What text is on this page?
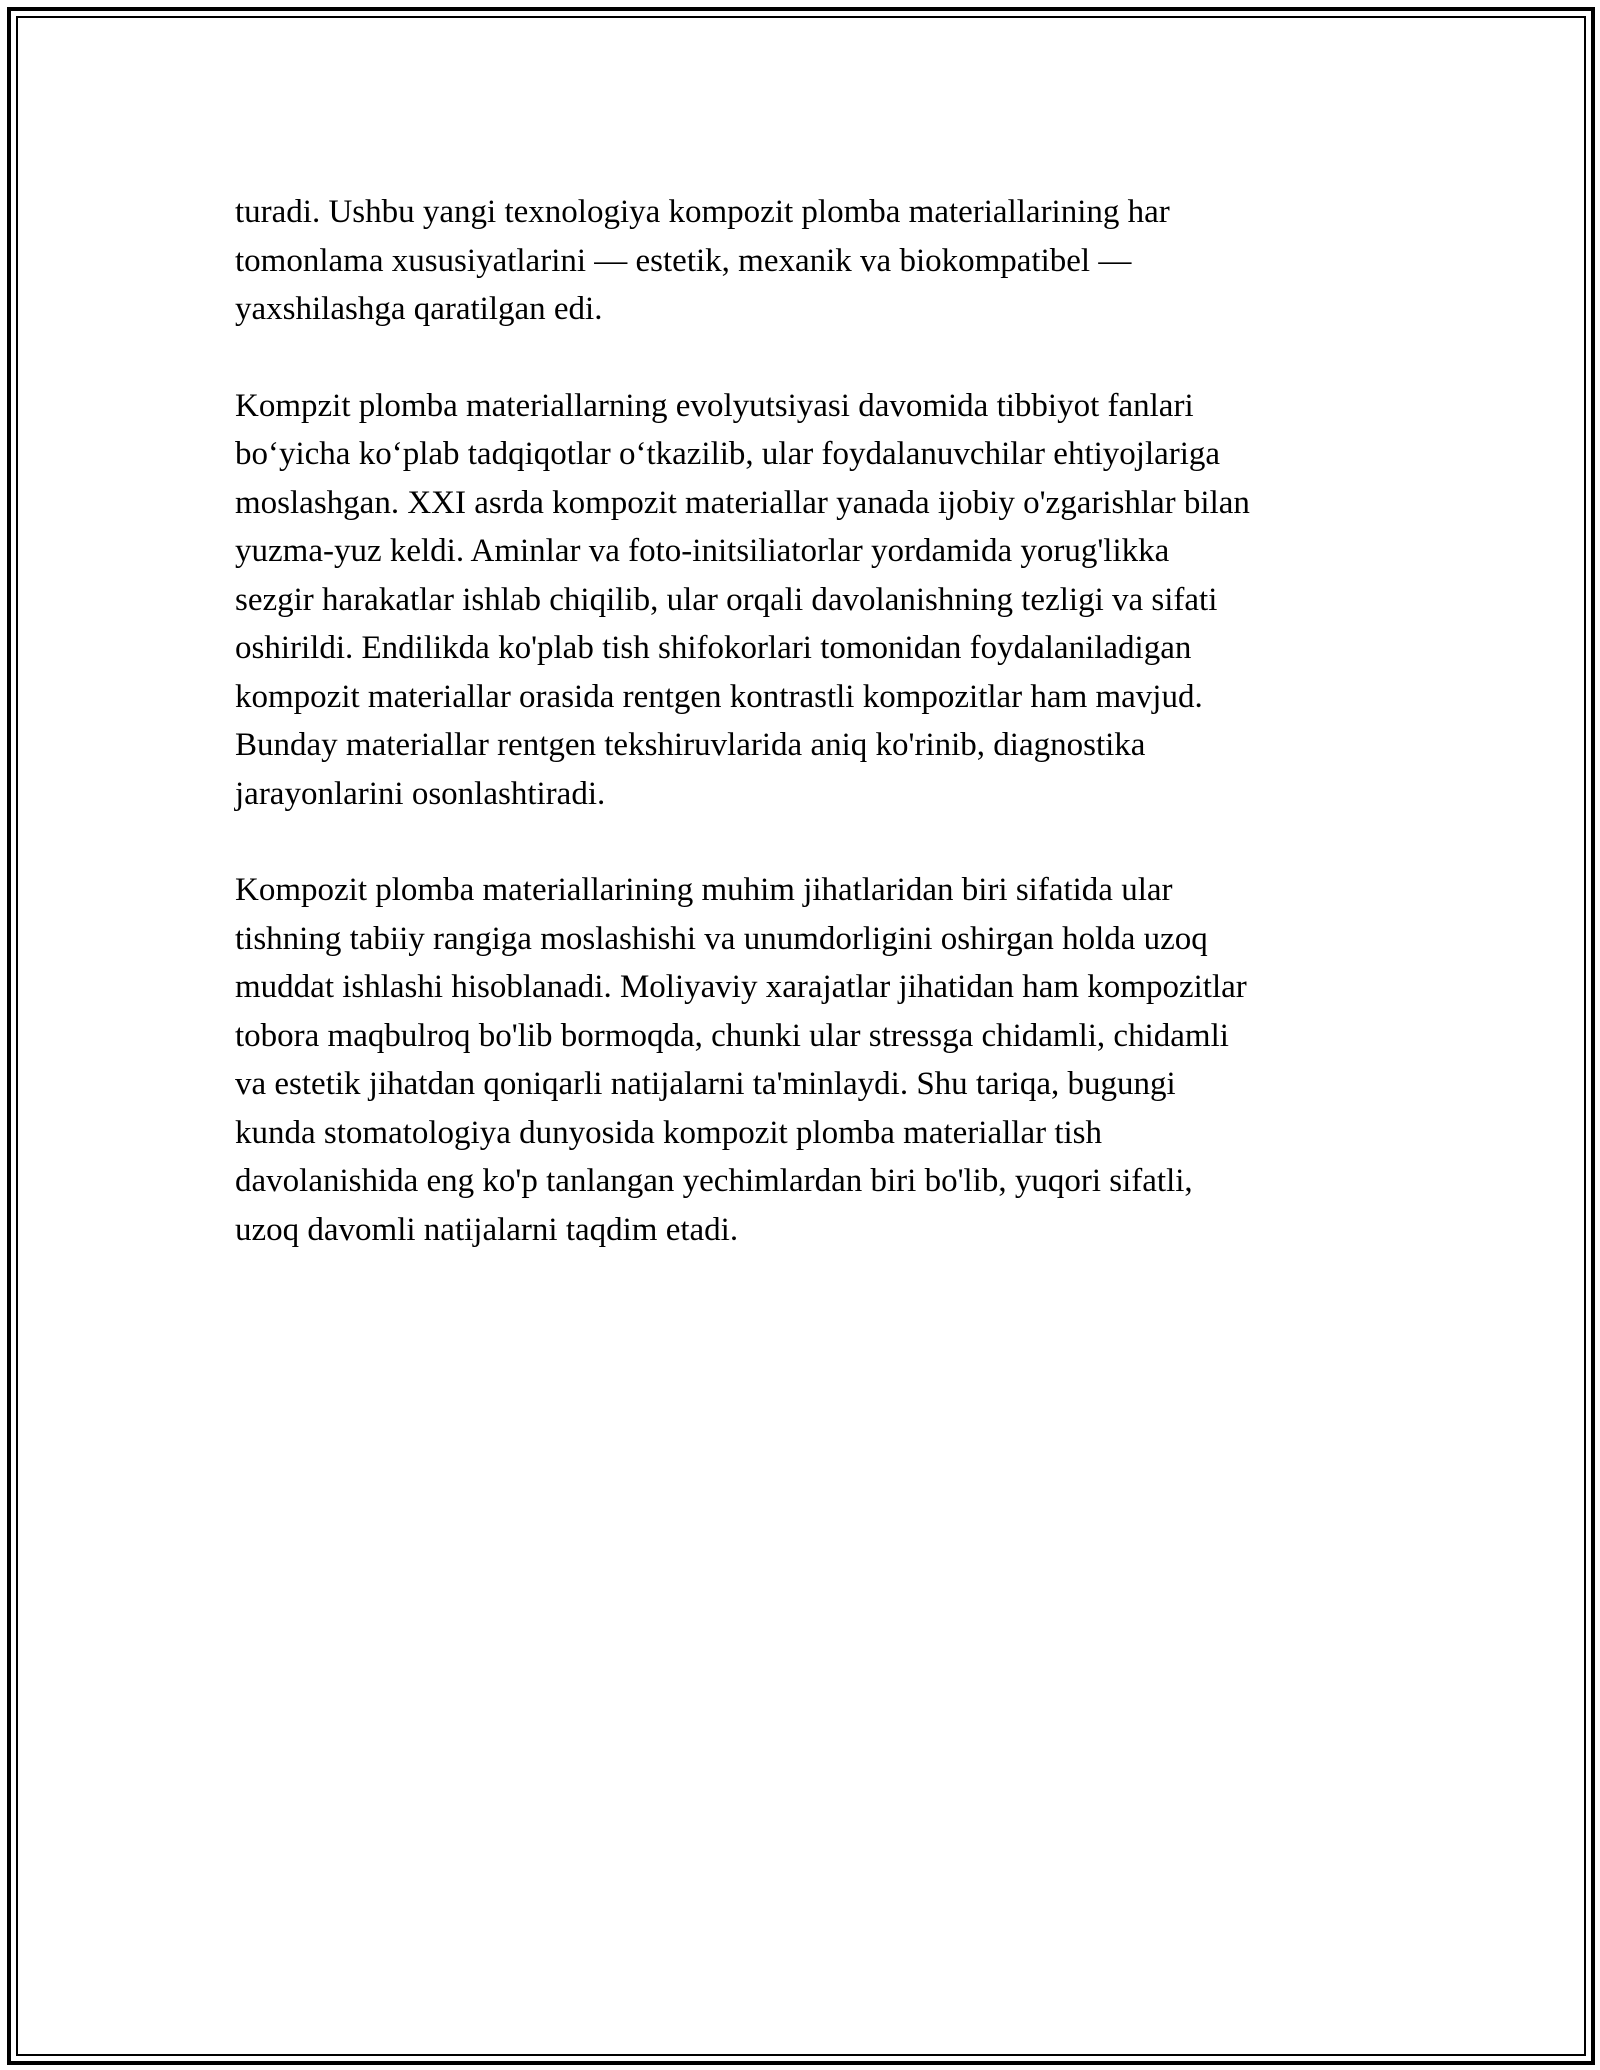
turadi. Ushbu yangi texnologiya kompozit plomba materiallarining har
tomonlama xususiyatlarini — estetik, mexanik va biokompatibel —
yaxshilashga qaratilgan edi.

Kompzit plomba materiallarning evolyutsiyasi davomida tibbiyot fanlari
boʻyicha koʻplab tadqiqotlar oʻtkazilib, ular foydalanuvchilar ehtiyojlariga
moslashgan. XXI asrda kompozit materiallar yanada ijobiy o'zgarishlar bilan
yuzma-yuz keldi. Aminlar va foto-initsiliatorlar yordamida yorug'likka
sezgir harakatlar ishlab chiqilib, ular orqali davolanishning tezligi va sifati
oshirildi. Endilikda ko'plab tish shifokorlari tomonidan foydalaniladigan
kompozit materiallar orasida rentgen kontrastli kompozitlar ham mavjud.
Bunday materiallar rentgen tekshiruvlarida aniq ko'rinib, diagnostika
jarayonlarini osonlashtiradi.

Kompozit plomba materiallarining muhim jihatlaridan biri sifatida ular
tishning tabiiy rangiga moslashishi va unumdorligini oshirgan holda uzoq
muddat ishlashi hisoblanadi. Moliyaviy xarajatlar jihatidan ham kompozitlar
tobora maqbulroq bo'lib bormoqda, chunki ular stressga chidamli, chidamli
va estetik jihatdan qoniqarli natijalarni ta'minlaydi. Shu tariqa, bugungi
kunda stomatologiya dunyosida kompozit plomba materiallar tish
davolanishida eng ko'p tanlangan yechimlardan biri bo'lib, yuqori sifatli,
uzoq davomli natijalarni taqdim etadi.
